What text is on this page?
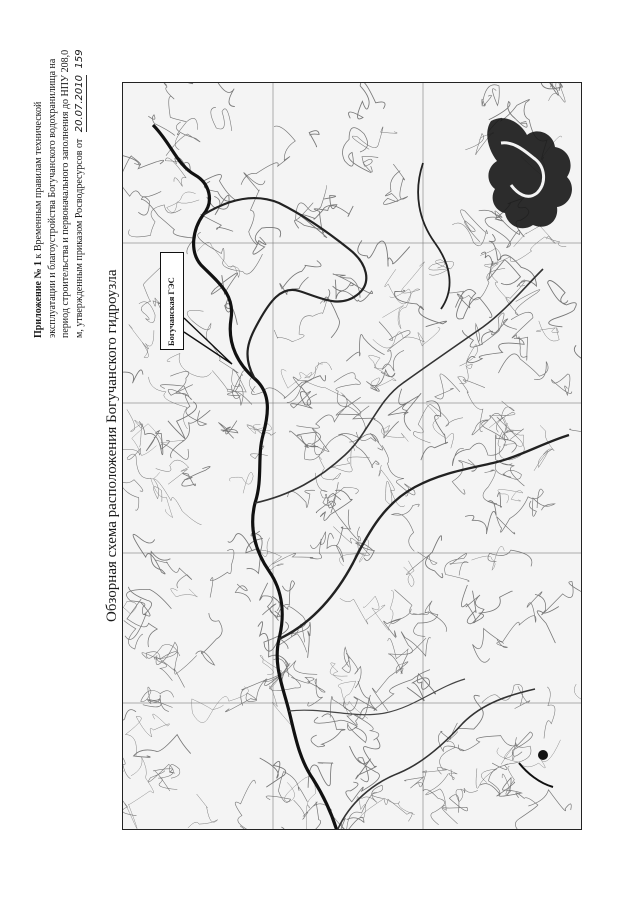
Приложение № 1 к Временным правилам технической эксплуатации и благоустройства Богучанского водохранилища на период строительства и первоначального заполнения до НПУ 208,0 м, утвержденным приказом Росводресурсов от 20.07.2010 159
Обзорная схема расположения Богучанского гидроузла	Богучанская ГЭС
